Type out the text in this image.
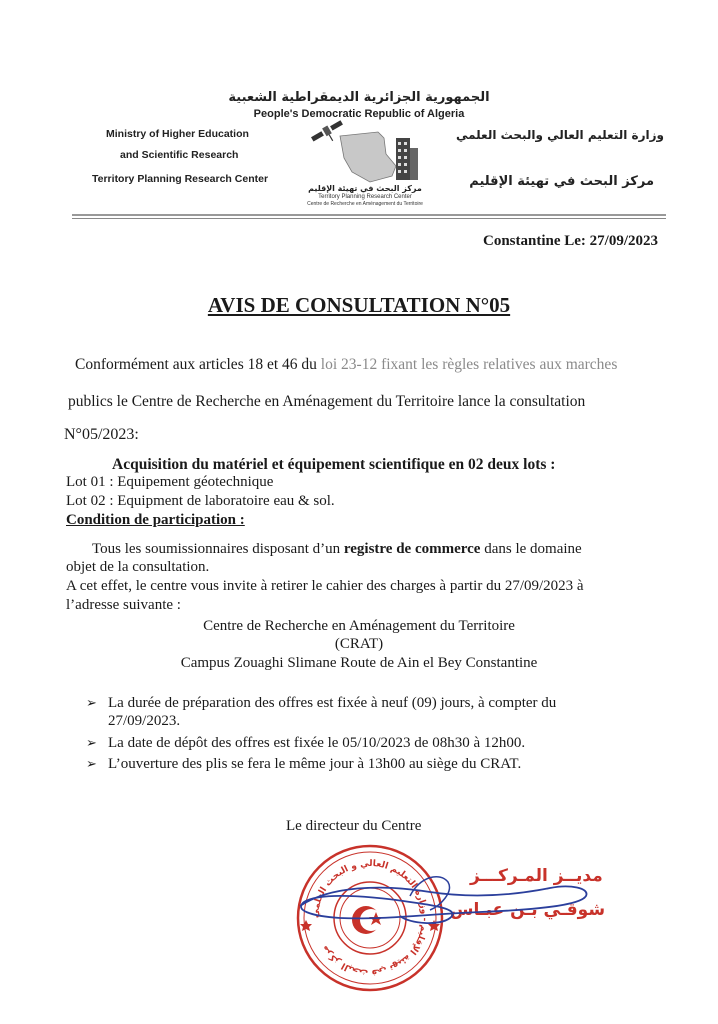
الجمهورية الجزائرية الديمقراطية الشعبية
People's Democratic Republic of Algeria
Ministry of Higher Education
and Scientific Research
Territory Planning Research Center
وزارة التعليم العالي والبحث العلمي
مركز البحث في تهيئة الإقليم
مركز البحث في تهيئة الإقليم
Territory Planning Research Center
Centre de Recherche en Aménagement du Territoire
Constantine Le: 27/09/2023
AVIS DE CONSULTATION N°05
Conformément aux articles 18 et 46 du loi 23-12 fixant les règles relatives aux marches
publics le Centre de Recherche en Aménagement du Territoire lance la consultation
N°05/2023:
Acquisition du matériel et équipement scientifique en 02 deux lots :
Lot 01 : Equipement géotechnique
Lot 02 : Equipment de laboratoire eau & sol.
Condition de participation :
Tous les soumissionnaires disposant d’un registre de commerce dans le domaine
objet de la consultation.
A cet effet, le centre vous invite à retirer le cahier des charges à partir du 27/09/2023 à
l’adresse suivante :
Centre de Recherche en Aménagement du Territoire
(CRAT)
Campus Zouaghi Slimane Route de Ain el Bey Constantine
➢ La durée de préparation des offres est fixée à neuf (09) jours, à compter du
27/09/2023.
➢ La date de dépôt des offres est fixée le 05/10/2023 de 08h30 à 12h00.
➢ L’ouverture des plis se fera le même jour à 13h00 au siège du CRAT.
Le directeur du Centre
مركز البحث في تهيئة الإقليم - وزارة التعليم العالي و البحث العلمي
مديــز المـركـــز
شوقـي بـن عبـاس
